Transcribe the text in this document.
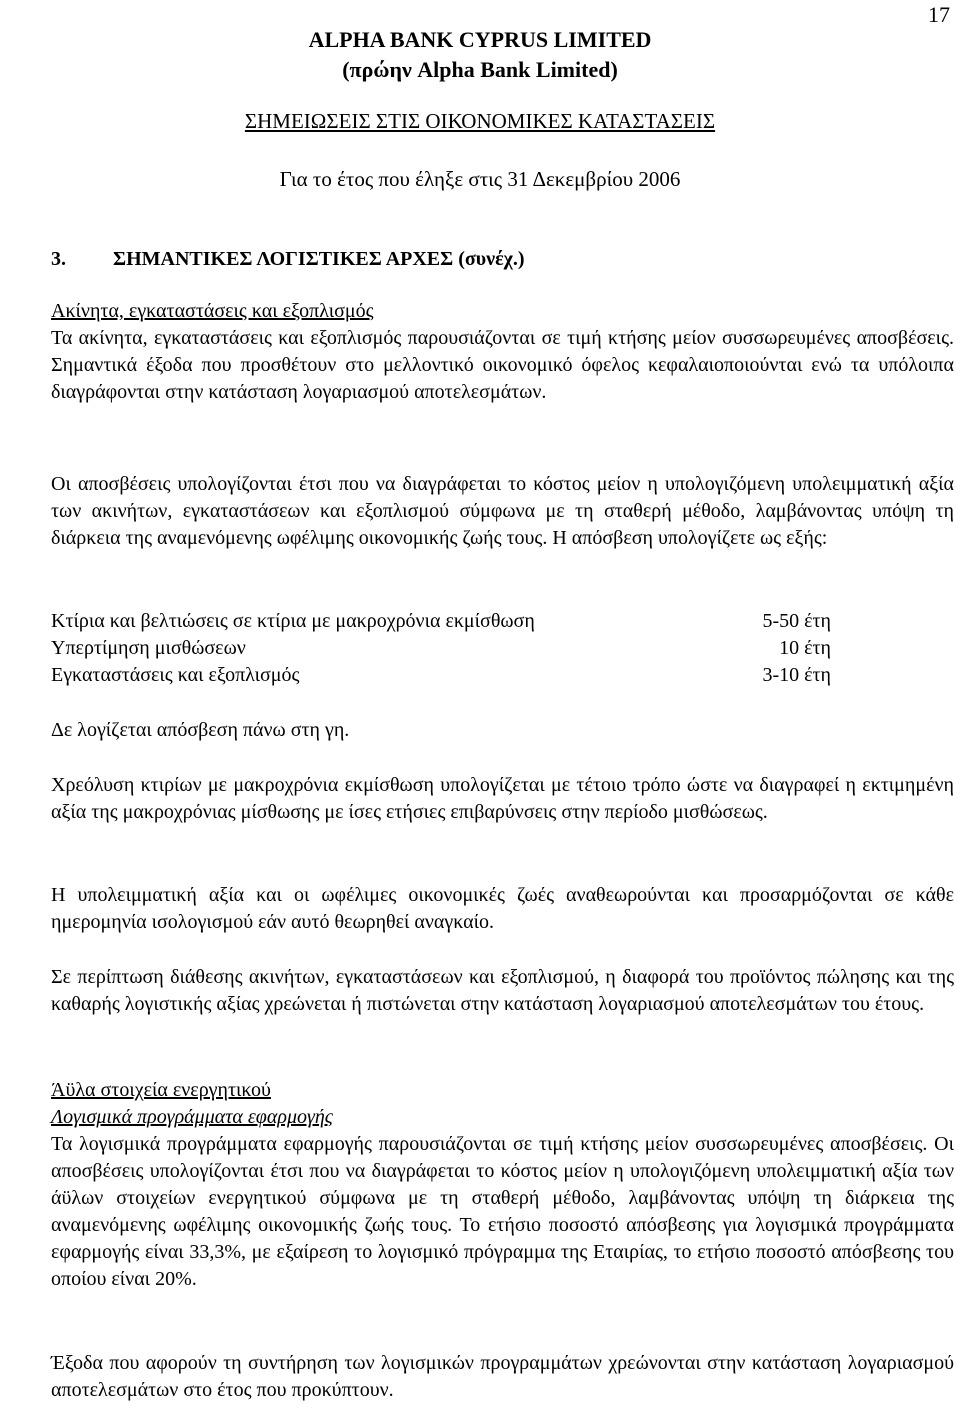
17
ALPHA BANK CYPRUS LIMITED
(πρώην Alpha Bank Limited)
ΣΗΜΕΙΩΣΕΙΣ ΣΤΙΣ ΟΙΚΟΝΟΜΙΚΕΣ ΚΑΤΑΣΤΑΣΕΙΣ
Για το έτος που έληξε στις 31 Δεκεμβρίου 2006
3. ΣΗΜΑΝΤΙΚΕΣ ΛΟΓΙΣΤΙΚΕΣ ΑΡΧΕΣ (συνέχ.)

Ακίνητα, εγκαταστάσεις και εξοπλισμός

Τα ακίνητα, εγκαταστάσεις και εξοπλισμός παρουσιάζονται σε τιμή κτήσης μείον συσσωρευμένες αποσβέσεις. Σημαντικά έξοδα που προσθέτουν στο μελλοντικό οικονομικό όφελος κεφαλαιοποιούνται ενώ τα υπόλοιπα διαγράφονται στην κατάσταση λογαριασμού αποτελεσμάτων.

Οι αποσβέσεις υπολογίζονται έτσι που να διαγράφεται το κόστος μείον η υπολογιζόμενη υπολειμματική αξία των ακινήτων, εγκαταστάσεων και εξοπλισμού σύμφωνα με τη σταθερή μέθοδο, λαμβάνοντας υπόψη τη διάρκεια της αναμενόμενης ωφέλιμης οικονομικής ζωής τους. Η απόσβεση υπολογίζετε ως εξής:

Κτίρια και βελτιώσεις σε κτίρια με μακροχρόνια εκμίσθωση	5-50 έτη
Υπερτίμηση μισθώσεων	10 έτη
Εγκαταστάσεις και εξοπλισμός	3-10 έτη

Δε λογίζεται απόσβεση πάνω στη γη.

Χρεόλυση κτιρίων με μακροχρόνια εκμίσθωση υπολογίζεται με τέτοιο τρόπο ώστε να διαγραφεί η εκτιμημένη αξία της μακροχρόνιας μίσθωσης με ίσες ετήσιες επιβαρύνσεις στην περίοδο μισθώσεως.

Η υπολειμματική αξία και οι ωφέλιμες οικονομικές ζωές αναθεωρούνται και προσαρμόζονται σε κάθε ημερομηνία ισολογισμού εάν αυτό θεωρηθεί αναγκαίο.

Σε περίπτωση διάθεσης ακινήτων, εγκαταστάσεων και εξοπλισμού, η διαφορά του προϊόντος πώλησης και της καθαρής λογιστικής αξίας χρεώνεται ή πιστώνεται στην κατάσταση λογαριασμού αποτελεσμάτων του έτους.

Άϋλα στοιχεία ενεργητικού

Λογισμικά προγράμματα εφαρμογής

Τα λογισμικά προγράμματα εφαρμογής παρουσιάζονται σε τιμή κτήσης μείον συσσωρευμένες αποσβέσεις. Οι αποσβέσεις υπολογίζονται έτσι που να διαγράφεται το κόστος μείον η υπολογιζόμενη υπολειμματική αξία των άϋλων στοιχείων ενεργητικού σύμφωνα με τη σταθερή μέθοδο, λαμβάνοντας υπόψη τη διάρκεια της αναμενόμενης ωφέλιμης οικονομικής ζωής τους. Το ετήσιο ποσοστό απόσβεσης για λογισμικά προγράμματα εφαρμογής είναι 33,3%, με εξαίρεση το λογισμικό πρόγραμμα της Εταιρίας, το ετήσιο ποσοστό απόσβεσης του οποίου είναι 20%.

Έξοδα που αφορούν τη συντήρηση των λογισμικών προγραμμάτων χρεώνονται στην κατάσταση λογαριασμού αποτελεσμάτων στο έτος που προκύπτουν.
